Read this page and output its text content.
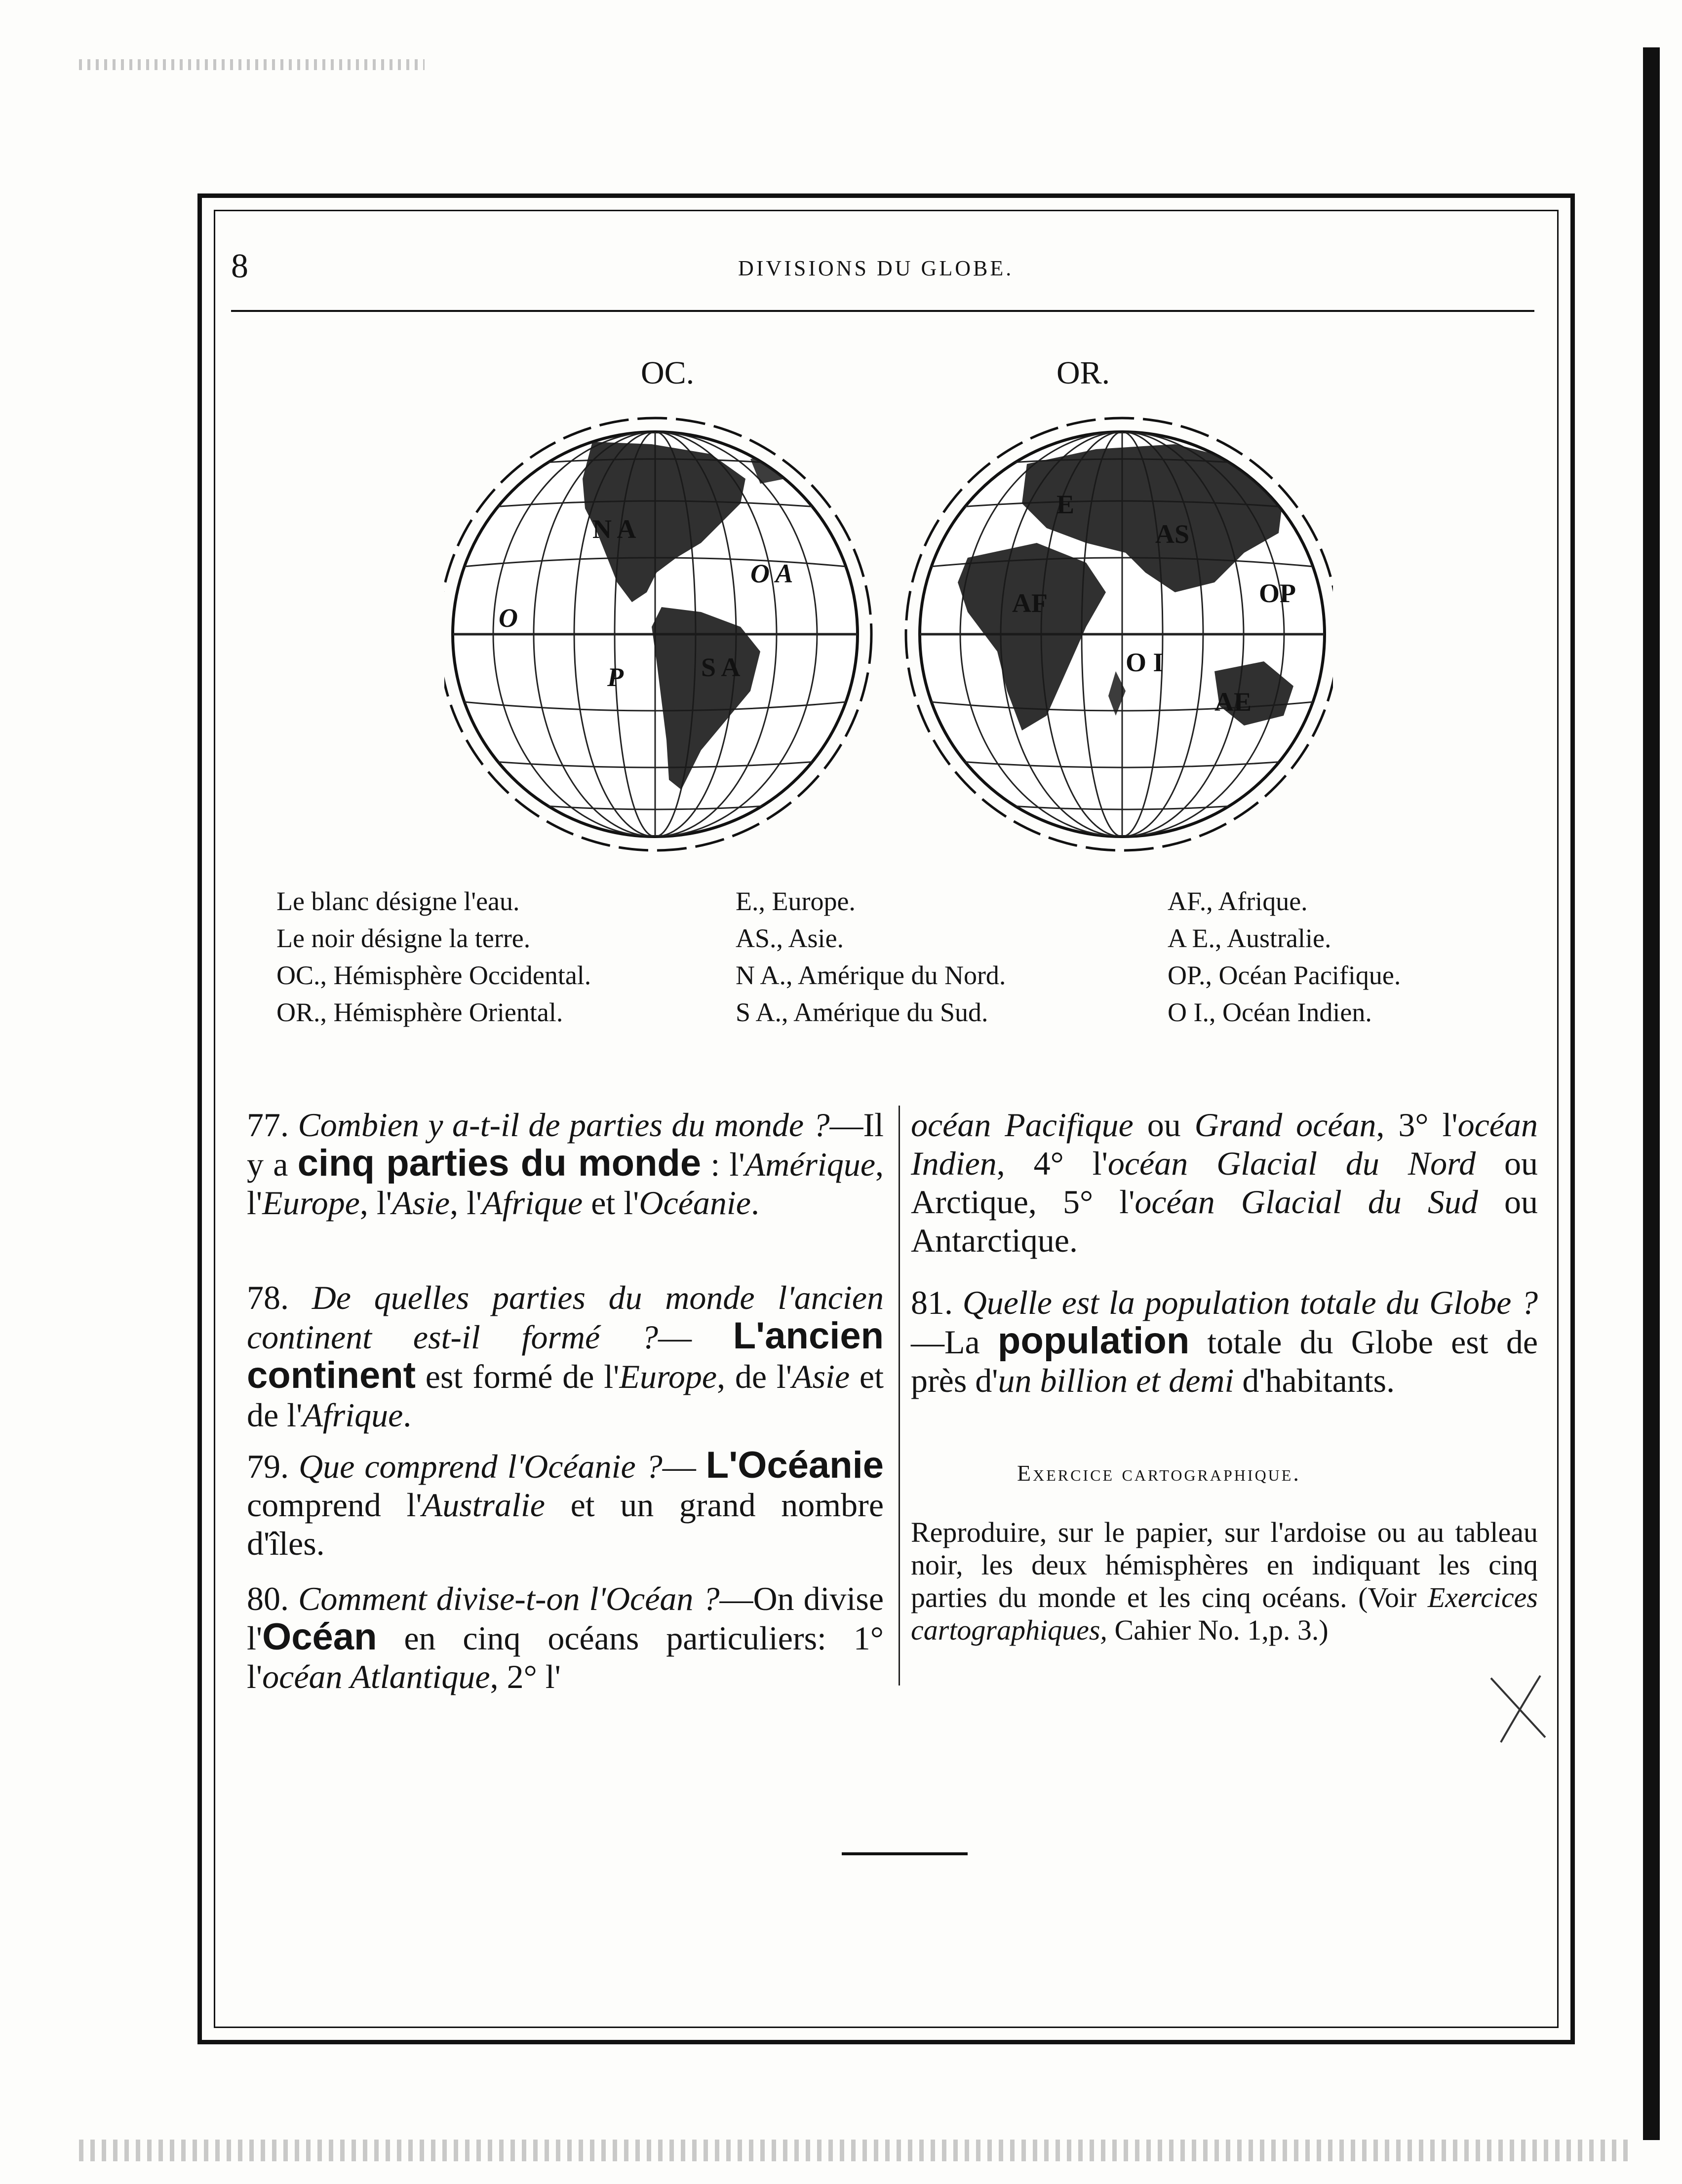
8	DIVISIONS DU GLOBE.
OC.	OR.
N A
O A
O
P	S A
E
AS
AF	OP
O I
AE
Le blanc désigne l'eau.
Le noir désigne la terre.
OC., Hémisphère Occidental.
OR., Hémisphère Oriental.
E., Europe.
AS., Asie.
N A., Amérique du Nord.
S A., Amérique du Sud.
AF., Afrique.
A E., Australie.
OP., Océan Pacifique.
O I., Océan Indien.
77. Combien y a-t-il de parties du monde ?—Il y a cinq parties du monde : l'Amérique, l'Europe, l'Asie, l'Afrique et l'Océanie.
78. De quelles parties du monde l'ancien continent est-il formé ?— L'ancien continent est formé de l'Europe, de l'Asie et de l'Afrique.
79. Que comprend l'Océanie ?— L'Océanie comprend l'Australie et un grand nombre d'îles.
80. Comment divise-t-on l'Océan ?—On divise l'Océan en cinq océans particuliers: 1° l'océan Atlantique, 2° l'
océan Pacifique ou Grand océan, 3° l'océan Indien, 4° l'océan Glacial du Nord ou Arctique, 5° l'océan Glacial du Sud ou Antarctique.
81. Quelle est la population totale du Globe ?—La population totale du Globe est de près d'un billion et demi d'habitants.
Exercice cartographique.
Reproduire, sur le papier, sur l'ardoise ou au tableau noir, les deux hémisphères en indiquant les cinq parties du monde et les cinq océans. (Voir Exercices cartographiques, Cahier No. 1,p. 3.)
